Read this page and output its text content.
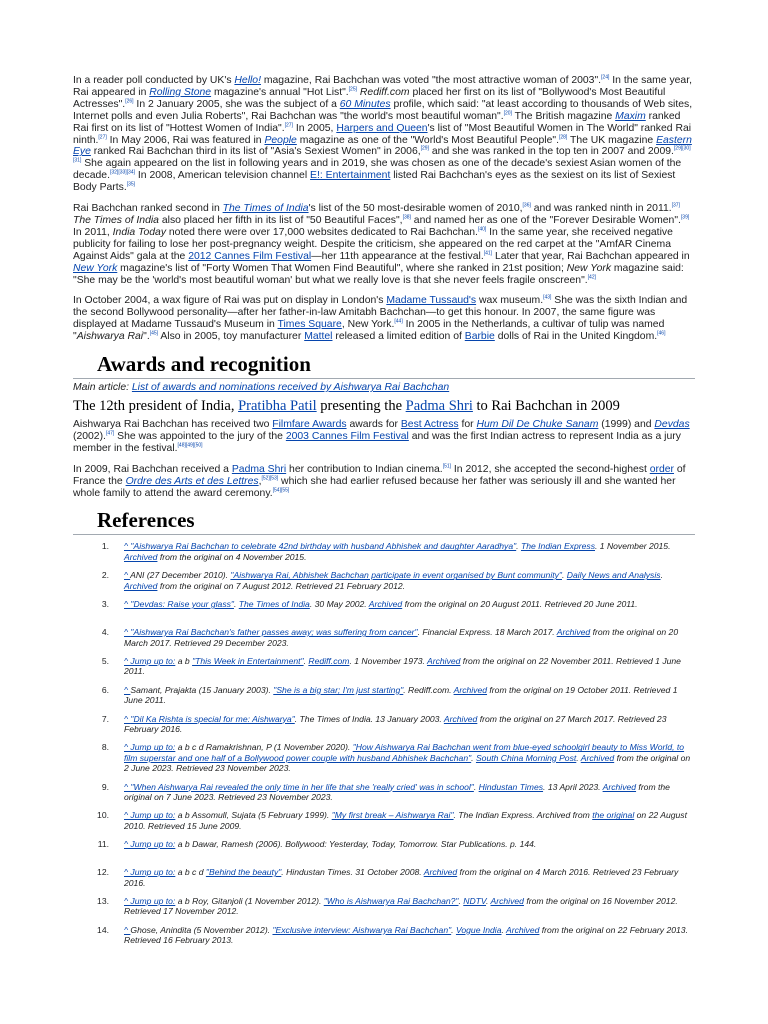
In a reader poll conducted by UK's Hello! magazine, Rai Bachchan was voted "the most attractive woman of 2003".[24] In the same year, Rai appeared in Rolling Stone magazine's annual "Hot List".[25] Rediff.com placed her first on its list of "Bollywood's Most Beautiful Actresses".[26] In 2 January 2005, she was the subject of a 60 Minutes profile, which said: "at least according to thousands of Web sites, Internet polls and even Julia Roberts", Rai Bachchan was "the world's most beautiful woman".[20] The British magazine Maxim ranked Rai first on its list of "Hottest Women of India".[27] In 2005, Harpers and Queen's list of "Most Beautiful Women in The World" ranked Rai ninth.[27] In May 2006, Rai was featured in People magazine as one of the "World's Most Beautiful People".[28] The UK magazine Eastern Eye ranked Rai Bachchan third in its list of "Asia's Sexiest Women" in 2006,[29] and she was ranked in the top ten in 2007 and 2009.[29][30][31] She again appeared on the list in following years and in 2019, she was chosen as one of the decade's sexiest Asian women of the decade.[32][33][34] In 2008, American television channel E!: Entertainment listed Rai Bachchan's eyes as the sexiest on its list of Sexiest Body Parts.[35]

Rai Bachchan ranked second in The Times of India's list of the 50 most-desirable women of 2010,[36] and was ranked ninth in 2011.[37] The Times of India also placed her fifth in its list of "50 Beautiful Faces",[38] and named her as one of the "Forever Desirable Women".[39] In 2011, India Today noted there were over 17,000 websites dedicated to Rai Bachchan.[40] In the same year, she received negative publicity for failing to lose her post-pregnancy weight. Despite the criticism, she appeared on the red carpet at the "AmfAR Cinema Against Aids" gala at the 2012 Cannes Film Festival—her 11th appearance at the festival.[41] Later that year, Rai Bachchan appeared in New York magazine's list of "Forty Women That Women Find Beautiful", where she ranked in 21st position; New York magazine said: "She may be the 'world's most beautiful woman' but what we really love is that she never feels fragile onscreen".[42]

In October 2004, a wax figure of Rai was put on display in London's Madame Tussaud's wax museum.[43] She was the sixth Indian and the second Bollywood personality—after her father-in-law Amitabh Bachchan—to get this honour. In 2007, the same figure was displayed at Madame Tussaud's Museum in Times Square, New York.[44] In 2005 in the Netherlands, a cultivar of tulip was named "Aishwarya Rai".[45] Also in 2005, toy manufacturer Mattel released a limited edition of Barbie dolls of Rai in the United Kingdom.[46]

Awards and recognition
Main article: List of awards and nominations received by Aishwarya Rai Bachchan
The 12th president of India, Pratibha Patil presenting the Padma Shri to Rai Bachchan in 2009

Aishwarya Rai Bachchan has received two Filmfare Awards awards for Best Actress for Hum Dil De Chuke Sanam (1999) and Devdas (2002).[47] She was appointed to the jury of the 2003 Cannes Film Festival and was the first Indian actress to represent India as a jury member in the festival.[48][49][50]

In 2009, Rai Bachchan received a Padma Shri her contribution to Indian cinema.[51] In 2012, she accepted the second-highest order of France the Ordre des Arts et des Lettres,[52][53] which she had earlier refused because her father was seriously ill and she wanted her whole family to attend the award ceremony.[54][55]

References
1. ^ "Aishwarya Rai Bachchan to celebrate 42nd birthday with husband Abhishek and daughter Aaradhya". The Indian Express. 1 November 2015. Archived from the original on 4 November 2015.
2. ^ ANI (27 December 2010). "Aishwarya Rai, Abhishek Bachchan participate in event organised by Bunt community". Daily News and Analysis. Archived from the original on 7 August 2012. Retrieved 21 February 2012.
3. ^ "Devdas: Raise your glass". The Times of India. 30 May 2002. Archived from the original on 20 August 2011. Retrieved 20 June 2011.
4. ^ "Aishwarya Rai Bachchan's father passes away; was suffering from cancer". Financial Express. 18 March 2017. Archived from the original on 20 March 2017. Retrieved 29 December 2023.
5. ^ Jump up to: a b "This Week in Entertainment". Rediff.com. 1 November 1973. Archived from the original on 22 November 2011. Retrieved 1 June 2011.
6. ^ Samant, Prajakta (15 January 2003). "She is a big star; I'm just starting". Rediff.com. Archived from the original on 19 October 2011. Retrieved 1 June 2011.
7. ^ "Dil Ka Rishta is special for me: Aishwarya". The Times of India. 13 January 2003. Archived from the original on 27 March 2017. Retrieved 23 February 2016.
8. ^ Jump up to: a b c d Ramakrishnan, P (1 November 2020). "How Aishwarya Rai Bachchan went from blue-eyed schoolgirl beauty to Miss World, to film superstar and one half of a Bollywood power couple with husband Abhishek Bachchan". South China Morning Post. Archived from the original on 2 June 2023. Retrieved 23 November 2023.
9. ^ "When Aishwarya Rai revealed the only time in her life that she 'really cried' was in school". Hindustan Times. 13 April 2023. Archived from the original on 7 June 2023. Retrieved 23 November 2023.
10. ^ Jump up to: a b Assomull, Sujata (5 February 1999). "My first break – Aishwarya Rai". The Indian Express. Archived from the original on 22 August 2010. Retrieved 15 June 2009.
11. ^ Jump up to: a b Dawar, Ramesh (2006). Bollywood: Yesterday, Today, Tomorrow. Star Publications. p. 144.
12. ^ Jump up to: a b c d "Behind the beauty". Hindustan Times. 31 October 2008. Archived from the original on 4 March 2016. Retrieved 23 February 2016.
13. ^ Jump up to: a b Roy, Gitanjoli (1 November 2012). "Who is Aishwarya Rai Bachchan?". NDTV. Archived from the original on 16 November 2012. Retrieved 17 November 2012.
14. ^ Ghose, Anindita (5 November 2012). "Exclusive interview: Aishwarya Rai Bachchan". Vogue India. Archived from the original on 22 February 2013. Retrieved 16 February 2013.
